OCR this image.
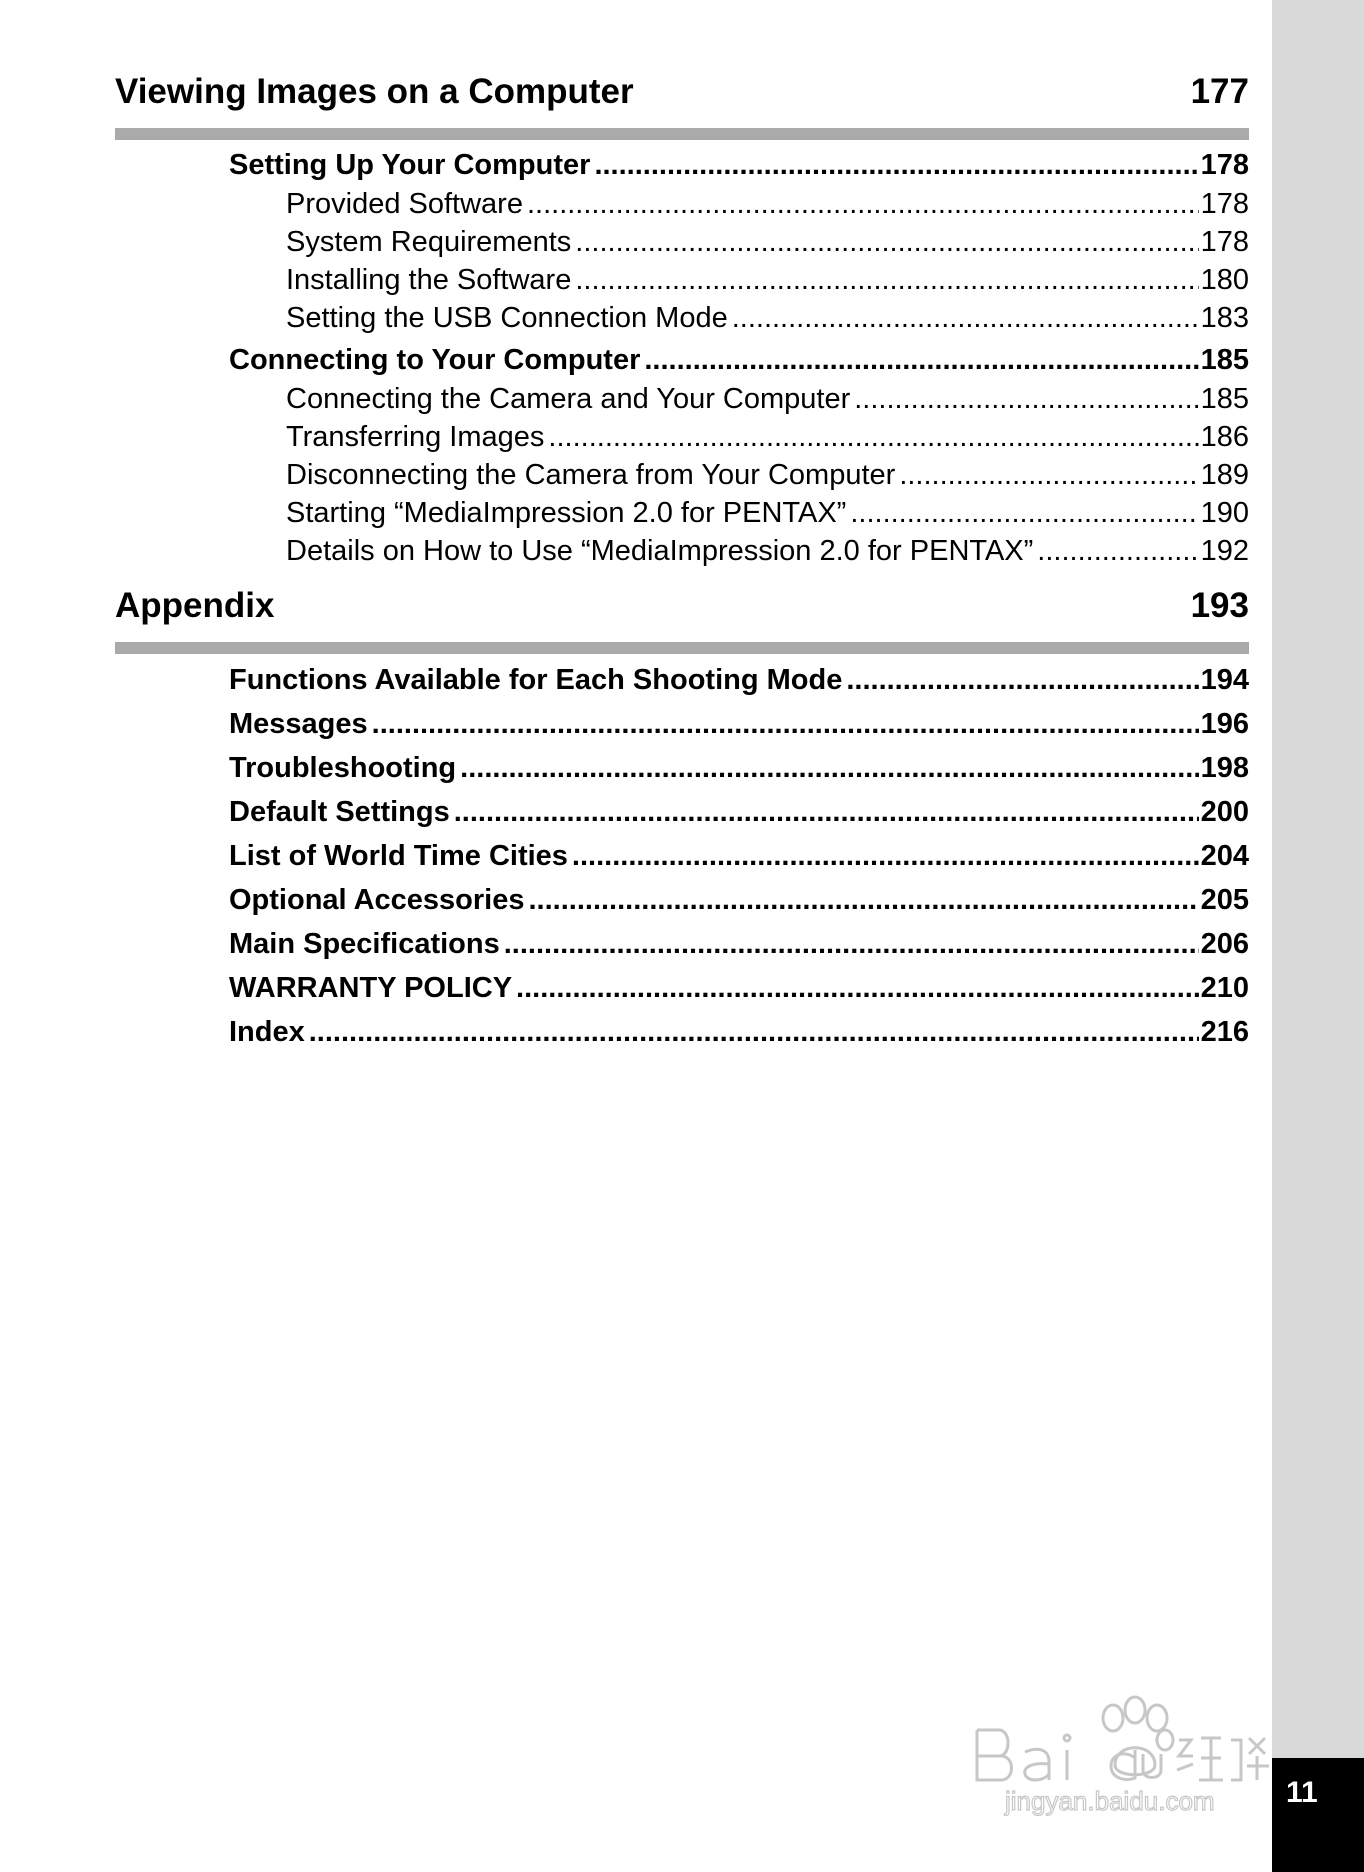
Viewing Images on a Computer	177
Setting Up Your Computer .....	178
Provided Software .....	178
System Requirements .....	178
Installing the Software .....	180
Setting the USB Connection Mode .....	183
Connecting to Your Computer .....	185
Connecting the Camera and Your Computer .....	185
Transferring Images .....	186
Disconnecting the Camera from Your Computer .....	189
Starting “MediaImpression 2.0 for PENTAX” .....	190
Details on How to Use “MediaImpression 2.0 for PENTAX” .....	192
Appendix	193
Functions Available for Each Shooting Mode .....	194
Messages .....	196
Troubleshooting .....	198
Default Settings .....	200
List of World Time Cities .....	204
Optional Accessories .....	205
Main Specifications .....	206
WARRANTY POLICY .....	210
Index .....	216
jingyan.baidu.com 11
